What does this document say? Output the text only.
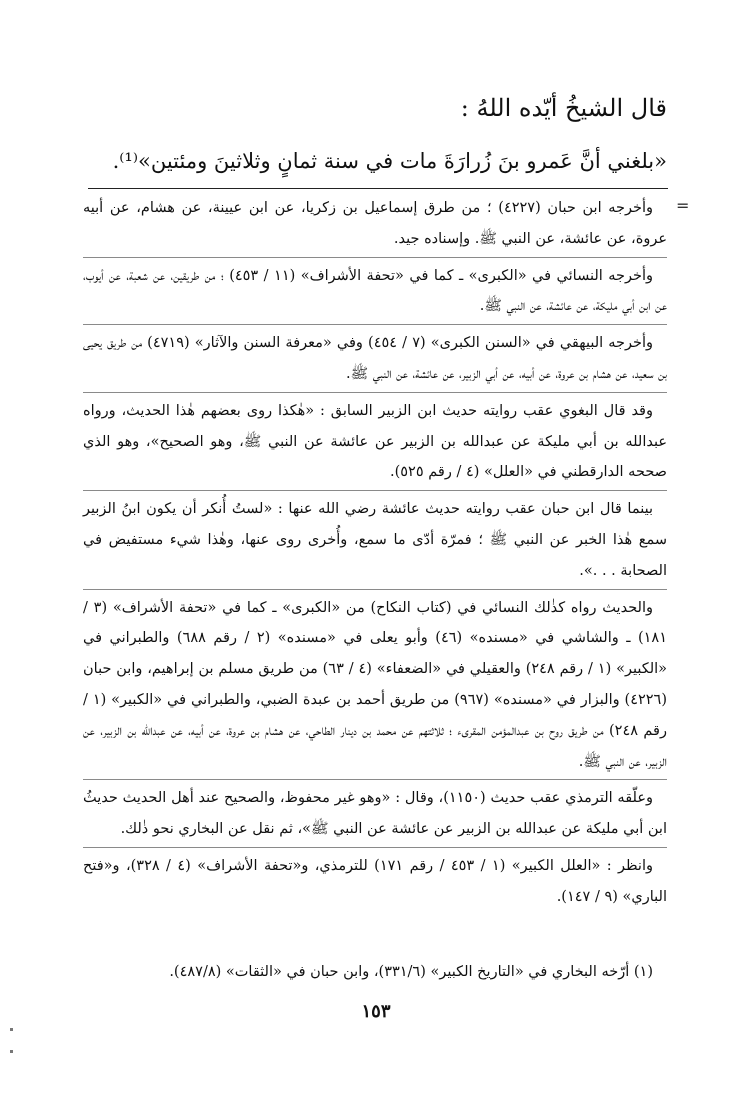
قال الشيخُ أيّده اللهُ :
«بلغني أنَّ عَمرو بنَ زُرارَةَ مات في سنة ثمانٍ وثلاثينَ ومئتين»⁽¹⁾.
=

وأخرجه ابن حبان (٤٢٢٧) ؛ من طرق إسماعيل بن زكريا، عن ابن عيينة، عن هشام، عن أبيه عروة، عن عائشة، عن النبي ﷺ. وإسناده جيد.

وأخرجه النسائي في «الكبرى» ـ كما في «تحفة الأشراف» (١١ / ٤٥٣) ؛ من طريقين، عن شعبة، عن أيوب، عن ابن أبي مليكة، عن عائشة، عن النبي ﷺ.

وأخرجه البيهقي في «السنن الكبرى» (٧ / ٤٥٤) وفي «معرفة السنن والآثار» (٤٧١٩) من طريق يحيى بن سعيد، عن هشام بن عروة، عن أبيه، عن أبي الزبير، عن عائشة، عن النبي ﷺ.

وقد قال البغوي عقب روايته حديث ابن الزبير السابق : «هٰكذا روى بعضهم هٰذا الحديث، ورواه عبدالله بن أبي مليكة عن عبدالله بن الزبير عن عائشة عن النبي ﷺ، وهو الصحيح»، وهو الذي صححه الدارقطني في «العلل» (٤ / رقم ٥٢٥).

بينما قال ابن حبان عقب روايته حديث عائشة رضي الله عنها : «لستُ أُنكر أن يكون ابنُ الزبير سمع هٰذا الخبر عن النبي ﷺ ؛ فمرّة أدّى ما سمع، وأُخرى روى عنها، وهٰذا شيء مستفيض في الصحابة . . .».

والحديث رواه كذٰلك النسائي في (كتاب النكاح) من «الكبرى» ـ كما في «تحفة الأشراف» (٣ / ١٨١) ـ والشاشي في «مسنده» (٤٦) وأبو يعلى في «مسنده» (٢ / رقم ٦٨٨) والطبراني في «الكبير» (١ / رقم ٢٤٨) والعقيلي في «الضعفاء» (٤ / ٦٣) من طريق مسلم بن إبراهيم، وابن حبان (٤٢٢٦) والبزار في «مسنده» (٩٦٧) من طريق أحمد بن عبدة الضبي، والطبراني في «الكبير» (١ / رقم ٢٤٨) من طريق روح بن عبدالمؤمن المقرىء ؛ ثلاثتهم عن محمد بن دينار الطاحي، عن هشام بن عروة، عن أبيه، عن عبدالله بن الزبير، عن الزبير، عن النبي ﷺ.

وعلّقه الترمذي عقب حديث (١١٥٠)، وقال : «وهو غير محفوظ، والصحيح عند أهل الحديث حديثُ ابن أبي مليكة عن عبدالله بن الزبير عن عائشة عن النبي ﷺ»، ثم نقل عن البخاري نحو ذٰلك.

وانظر : «العلل الكبير» (١ / ٤٥٣ / رقم ١٧١) للترمذي، و«تحفة الأشراف» (٤ / ٣٢٨)، و«فتح الباري» (٩ / ١٤٧).

(١) أرّخه البخاري في «التاريخ الكبير» (٣٣١/٦)، وابن حبان في «الثقات» (٤٨٧/٨).
١٥٣
